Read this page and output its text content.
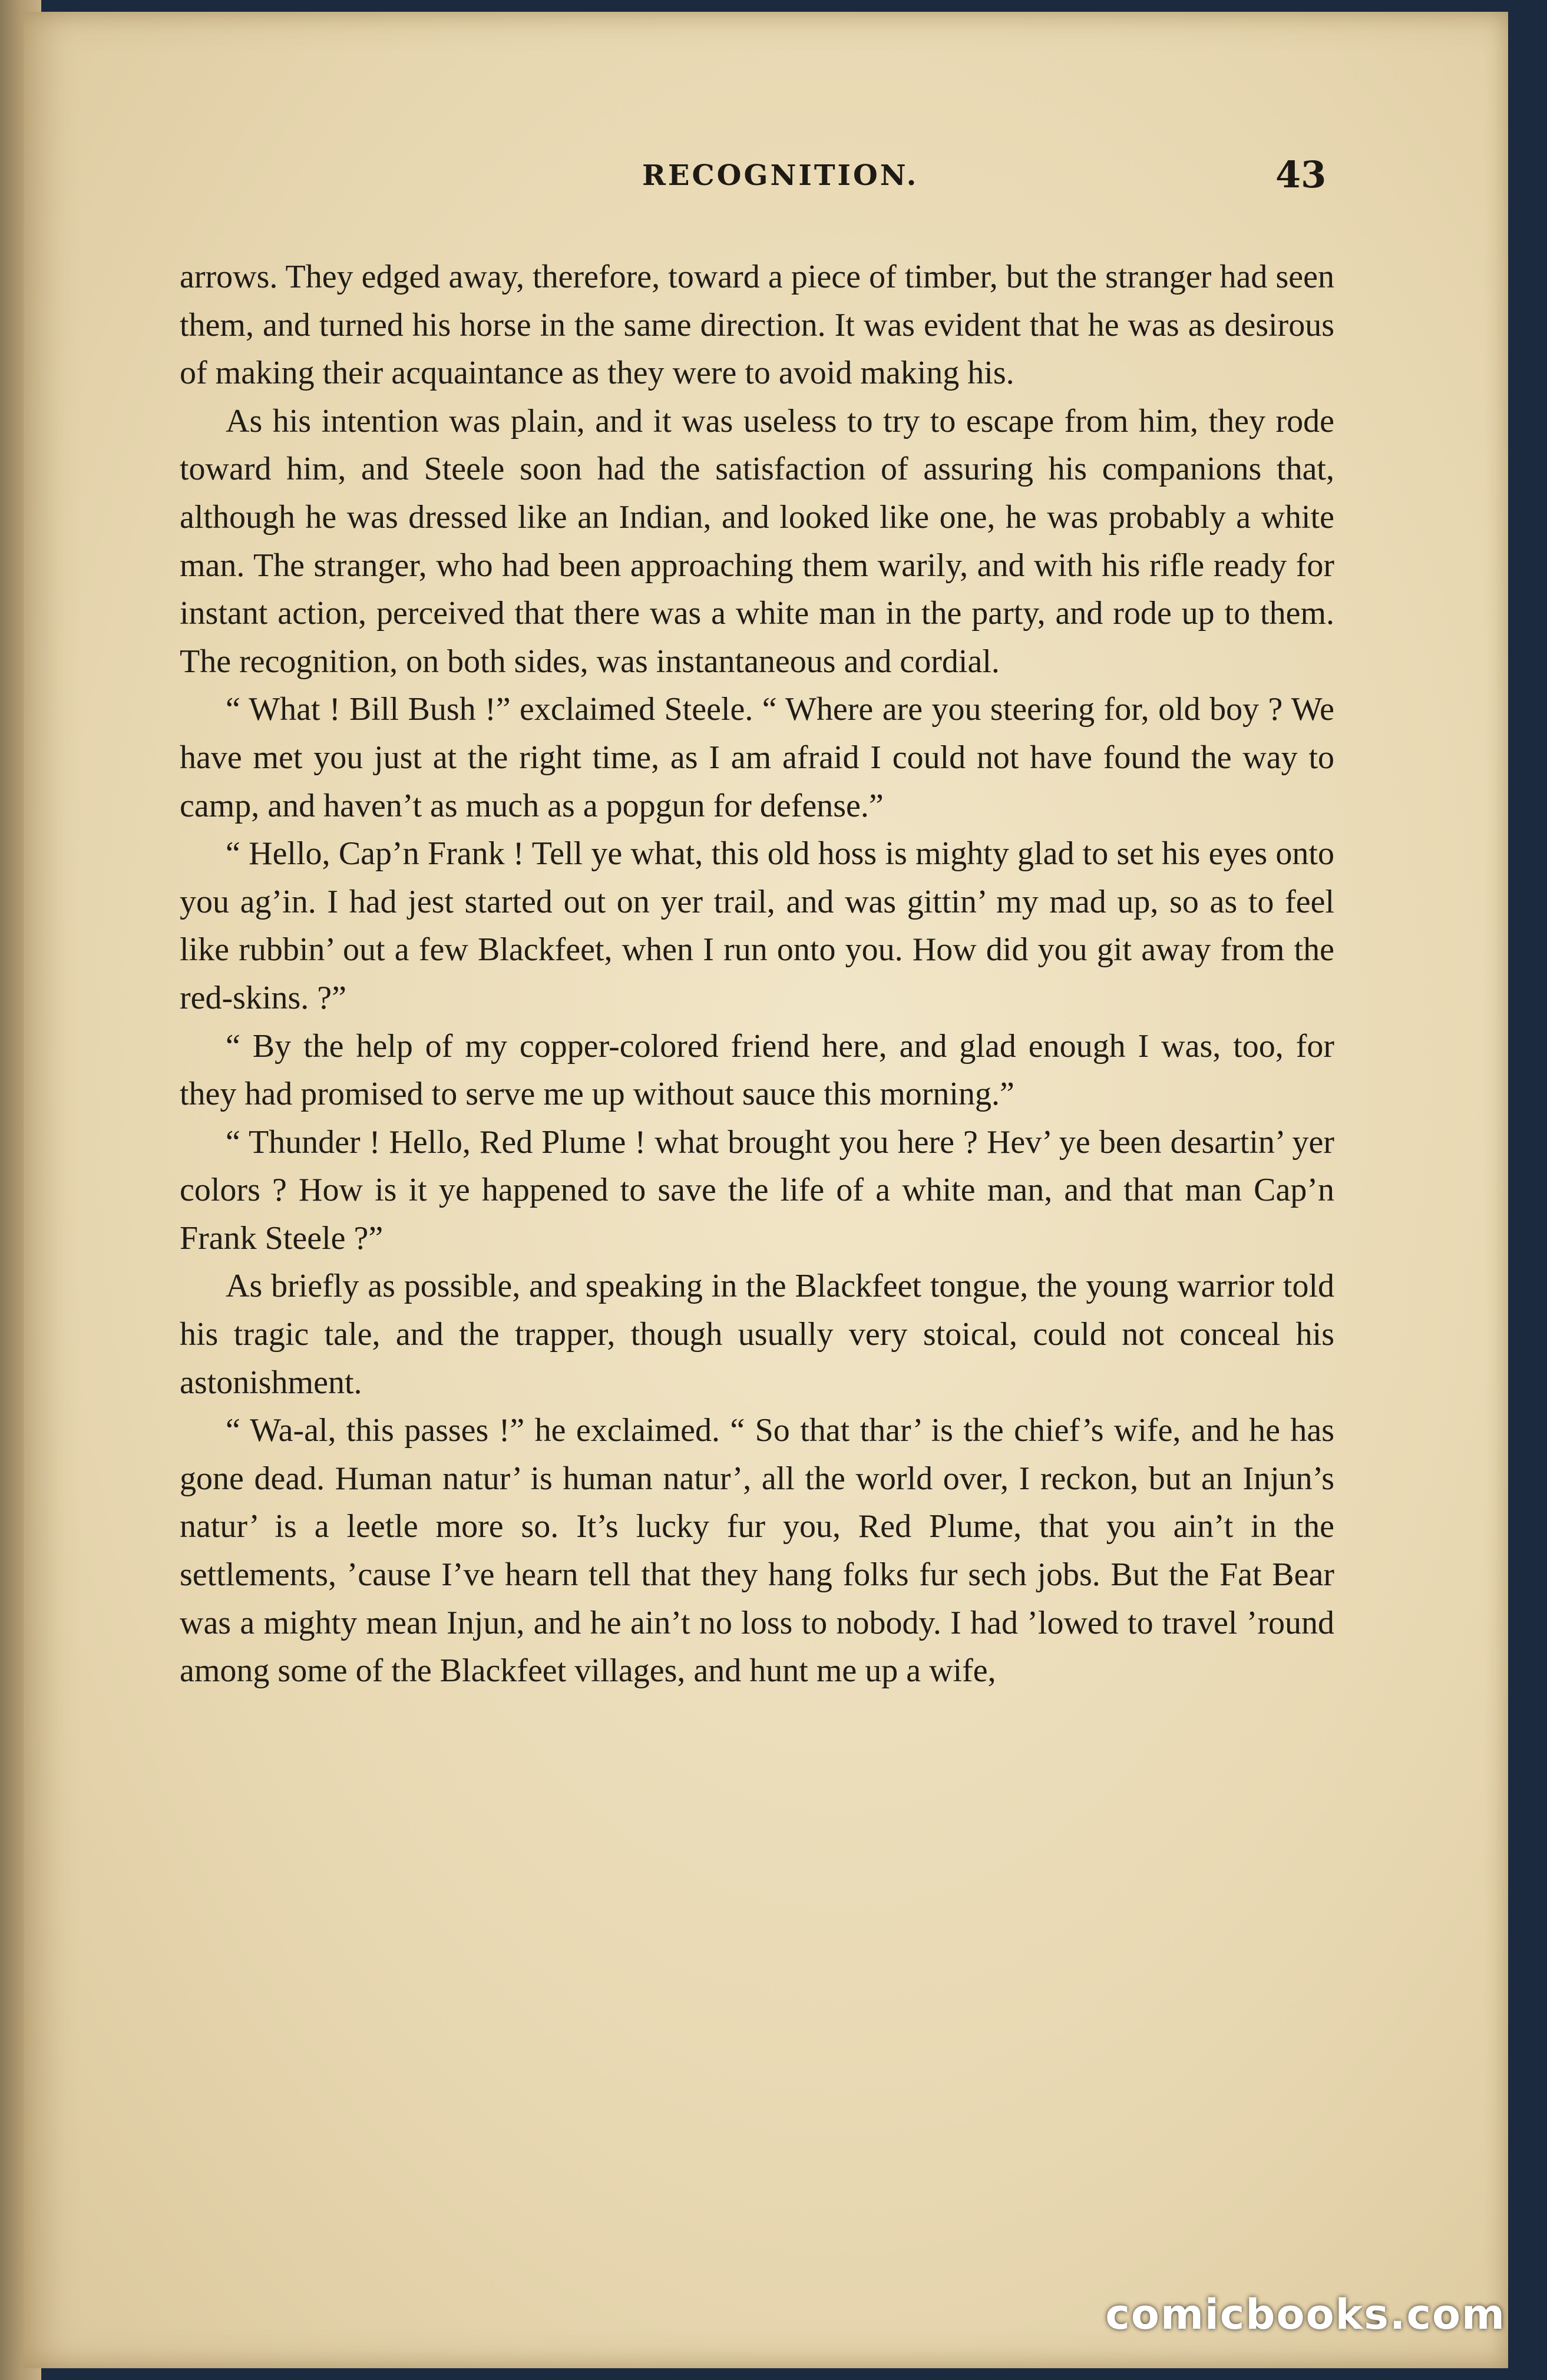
RECOGNITION.	43

arrows. They edged away, therefore, toward a piece of timber, but the stranger had seen them, and turned his horse in the same direction. It was evident that he was as desirous of making their acquaintance as they were to avoid making his.

As his intention was plain, and it was useless to try to escape from him, they rode toward him, and Steele soon had the satisfaction of assuring his companions that, although he was dressed like an Indian, and looked like one, he was probably a white man. The stranger, who had been approaching them warily, and with his rifle ready for instant action, perceived that there was a white man in the party, and rode up to them. The recognition, on both sides, was instantaneous and cordial.

“ What ! Bill Bush !” exclaimed Steele. “ Where are you steering for, old boy ? We have met you just at the right time, as I am afraid I could not have found the way to camp, and haven’t as much as a popgun for defense.”

“ Hello, Cap’n Frank ! Tell ye what, this old hoss is mighty glad to set his eyes onto you ag’in. I had jest started out on yer trail, and was gittin’ my mad up, so as to feel like rubbin’ out a few Blackfeet, when I run onto you. How did you git away from the red-skins. ?”

“ By the help of my copper-colored friend here, and glad enough I was, too, for they had promised to serve me up without sauce this morning.”

“ Thunder ! Hello, Red Plume ! what brought you here ? Hev’ ye been desartin’ yer colors ? How is it ye happened to save the life of a white man, and that man Cap’n Frank Steele ?”

As briefly as possible, and speaking in the Blackfeet tongue, the young warrior told his tragic tale, and the trapper, though usually very stoical, could not conceal his astonishment.

“ Wa-al, this passes !” he exclaimed. “ So that thar’ is the chief’s wife, and he has gone dead. Human natur’ is human natur’, all the world over, I reckon, but an Injun’s natur’ is a leetle more so. It’s lucky fur you, Red Plume, that you ain’t in the settlements, ’cause I’ve hearn tell that they hang folks fur sech jobs. But the Fat Bear was a mighty mean Injun, and he ain’t no loss to nobody. I had ’lowed to travel ’round among some of the Blackfeet villages, and hunt me up a wife,

comicbooks.com
